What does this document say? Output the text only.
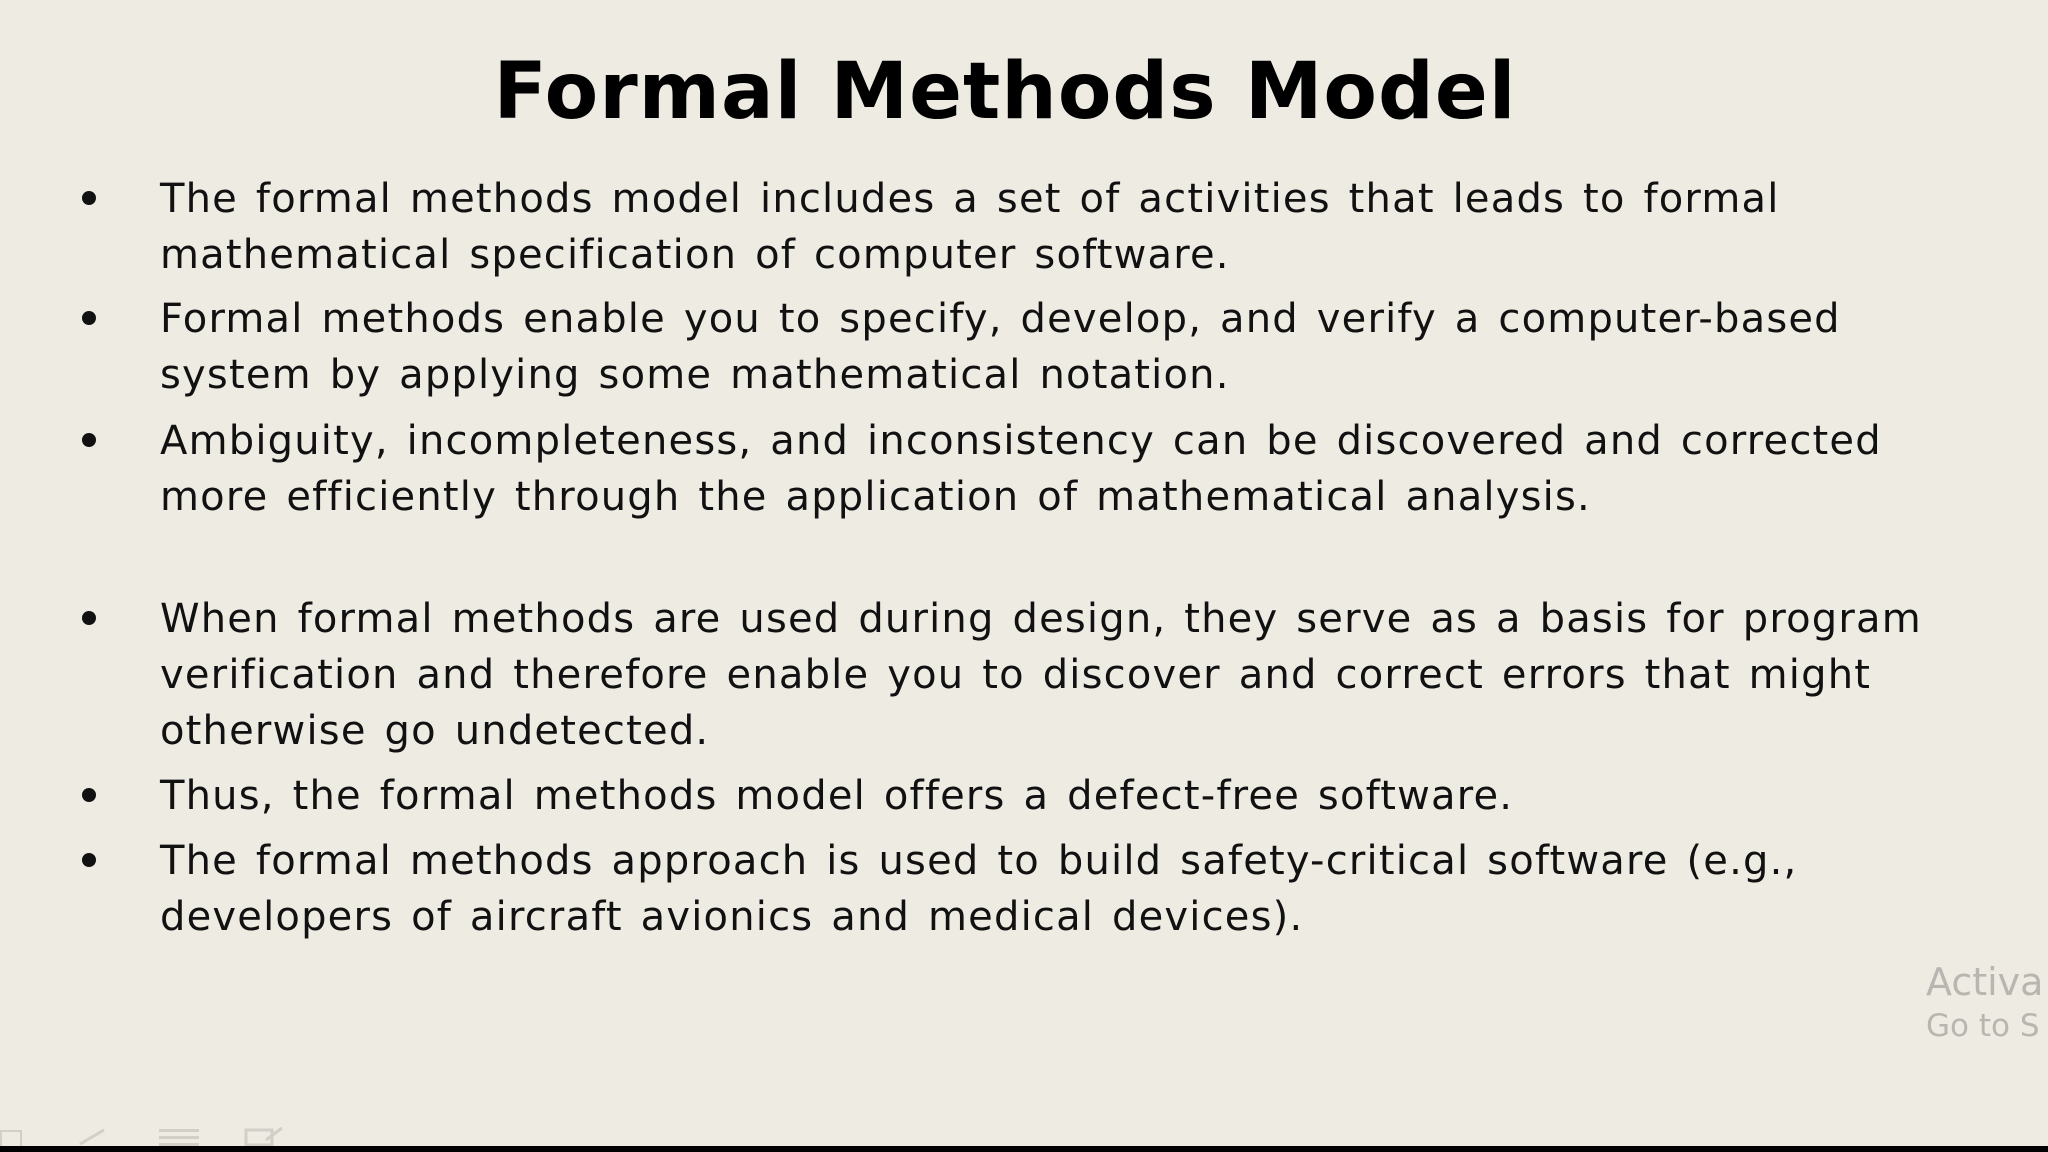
Formal Methods Model
The formal methods model includes a set of activities that leads to formal mathematical specification of computer software.
Formal methods enable you to specify, develop, and verify a computer-based system by applying some mathematical notation.
Ambiguity, incompleteness, and inconsistency can be discovered and corrected more efficiently through the application of mathematical analysis.
When formal methods are used during design, they serve as a basis for program verification and therefore enable you to discover and correct errors that might otherwise go undetected.
Thus, the formal methods model offers a defect-free software.
The formal methods approach is used to build safety-critical software (e.g., developers of aircraft avionics and medical devices).
Activa
Go to S
